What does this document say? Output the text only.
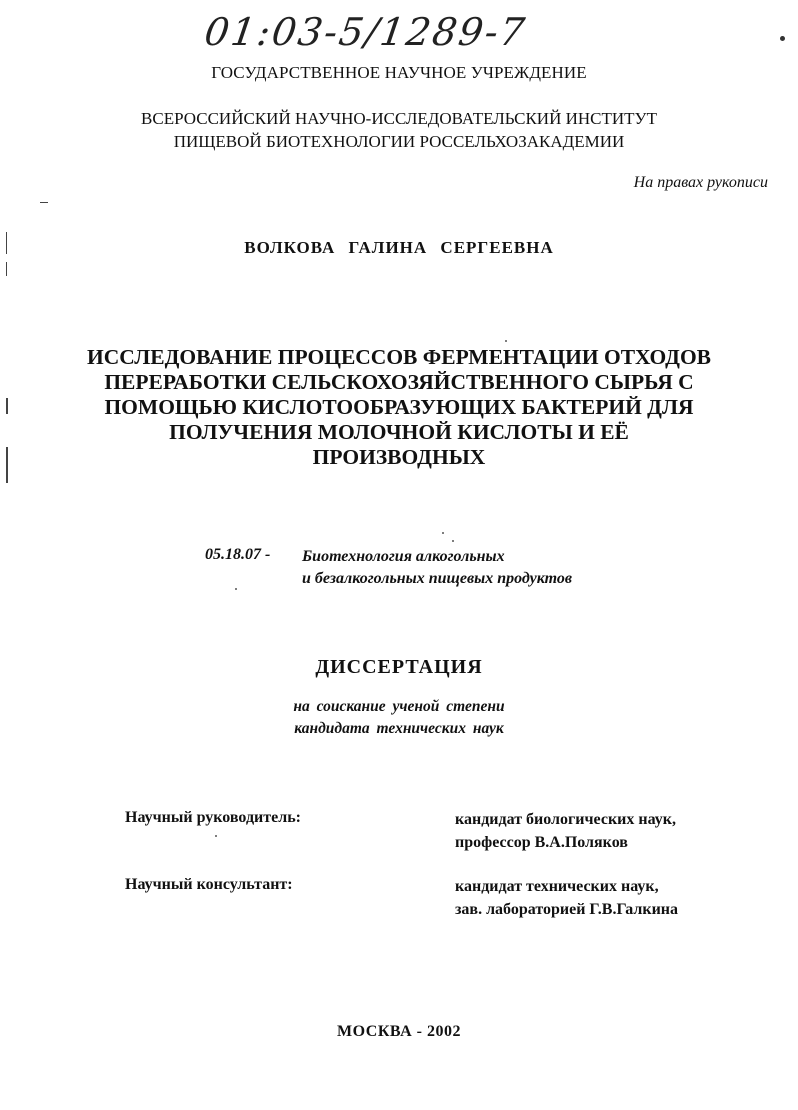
01:03-5/1289-7
ГОСУДАРСТВЕННОЕ НАУЧНОЕ УЧРЕЖДЕНИЕ
ВСЕРОССИЙСКИЙ НАУЧНО-ИССЛЕДОВАТЕЛЬСКИЙ ИНСТИТУТ
ПИЩЕВОЙ БИОТЕХНОЛОГИИ РОССЕЛЬХОЗАКАДЕМИИ
На правах рукописи
ВОЛКОВА ГАЛИНА СЕРГЕЕВНА
ИССЛЕДОВАНИЕ ПРОЦЕССОВ ФЕРМЕНТАЦИИ ОТХОДОВ
ПЕРЕРАБОТКИ СЕЛЬСКОХОЗЯЙСТВЕННОГО СЫРЬЯ С
ПОМОЩЬЮ КИСЛОТООБРАЗУЮЩИХ БАКТЕРИЙ ДЛЯ
ПОЛУЧЕНИЯ МОЛОЧНОЙ КИСЛОТЫ И ЕЁ
ПРОИЗВОДНЫХ
05.18.07 - Биотехнология алкогольных
и безалкогольных пищевых продуктов
ДИССЕРТАЦИЯ
на соискание ученой степени
кандидата технических наук
Научный руководитель:	кандидат биологических наук,
профессор В.А.Поляков
Научный консультант:	кандидат технических наук,
зав. лабораторией Г.В.Галкина
МОСКВА - 2002
